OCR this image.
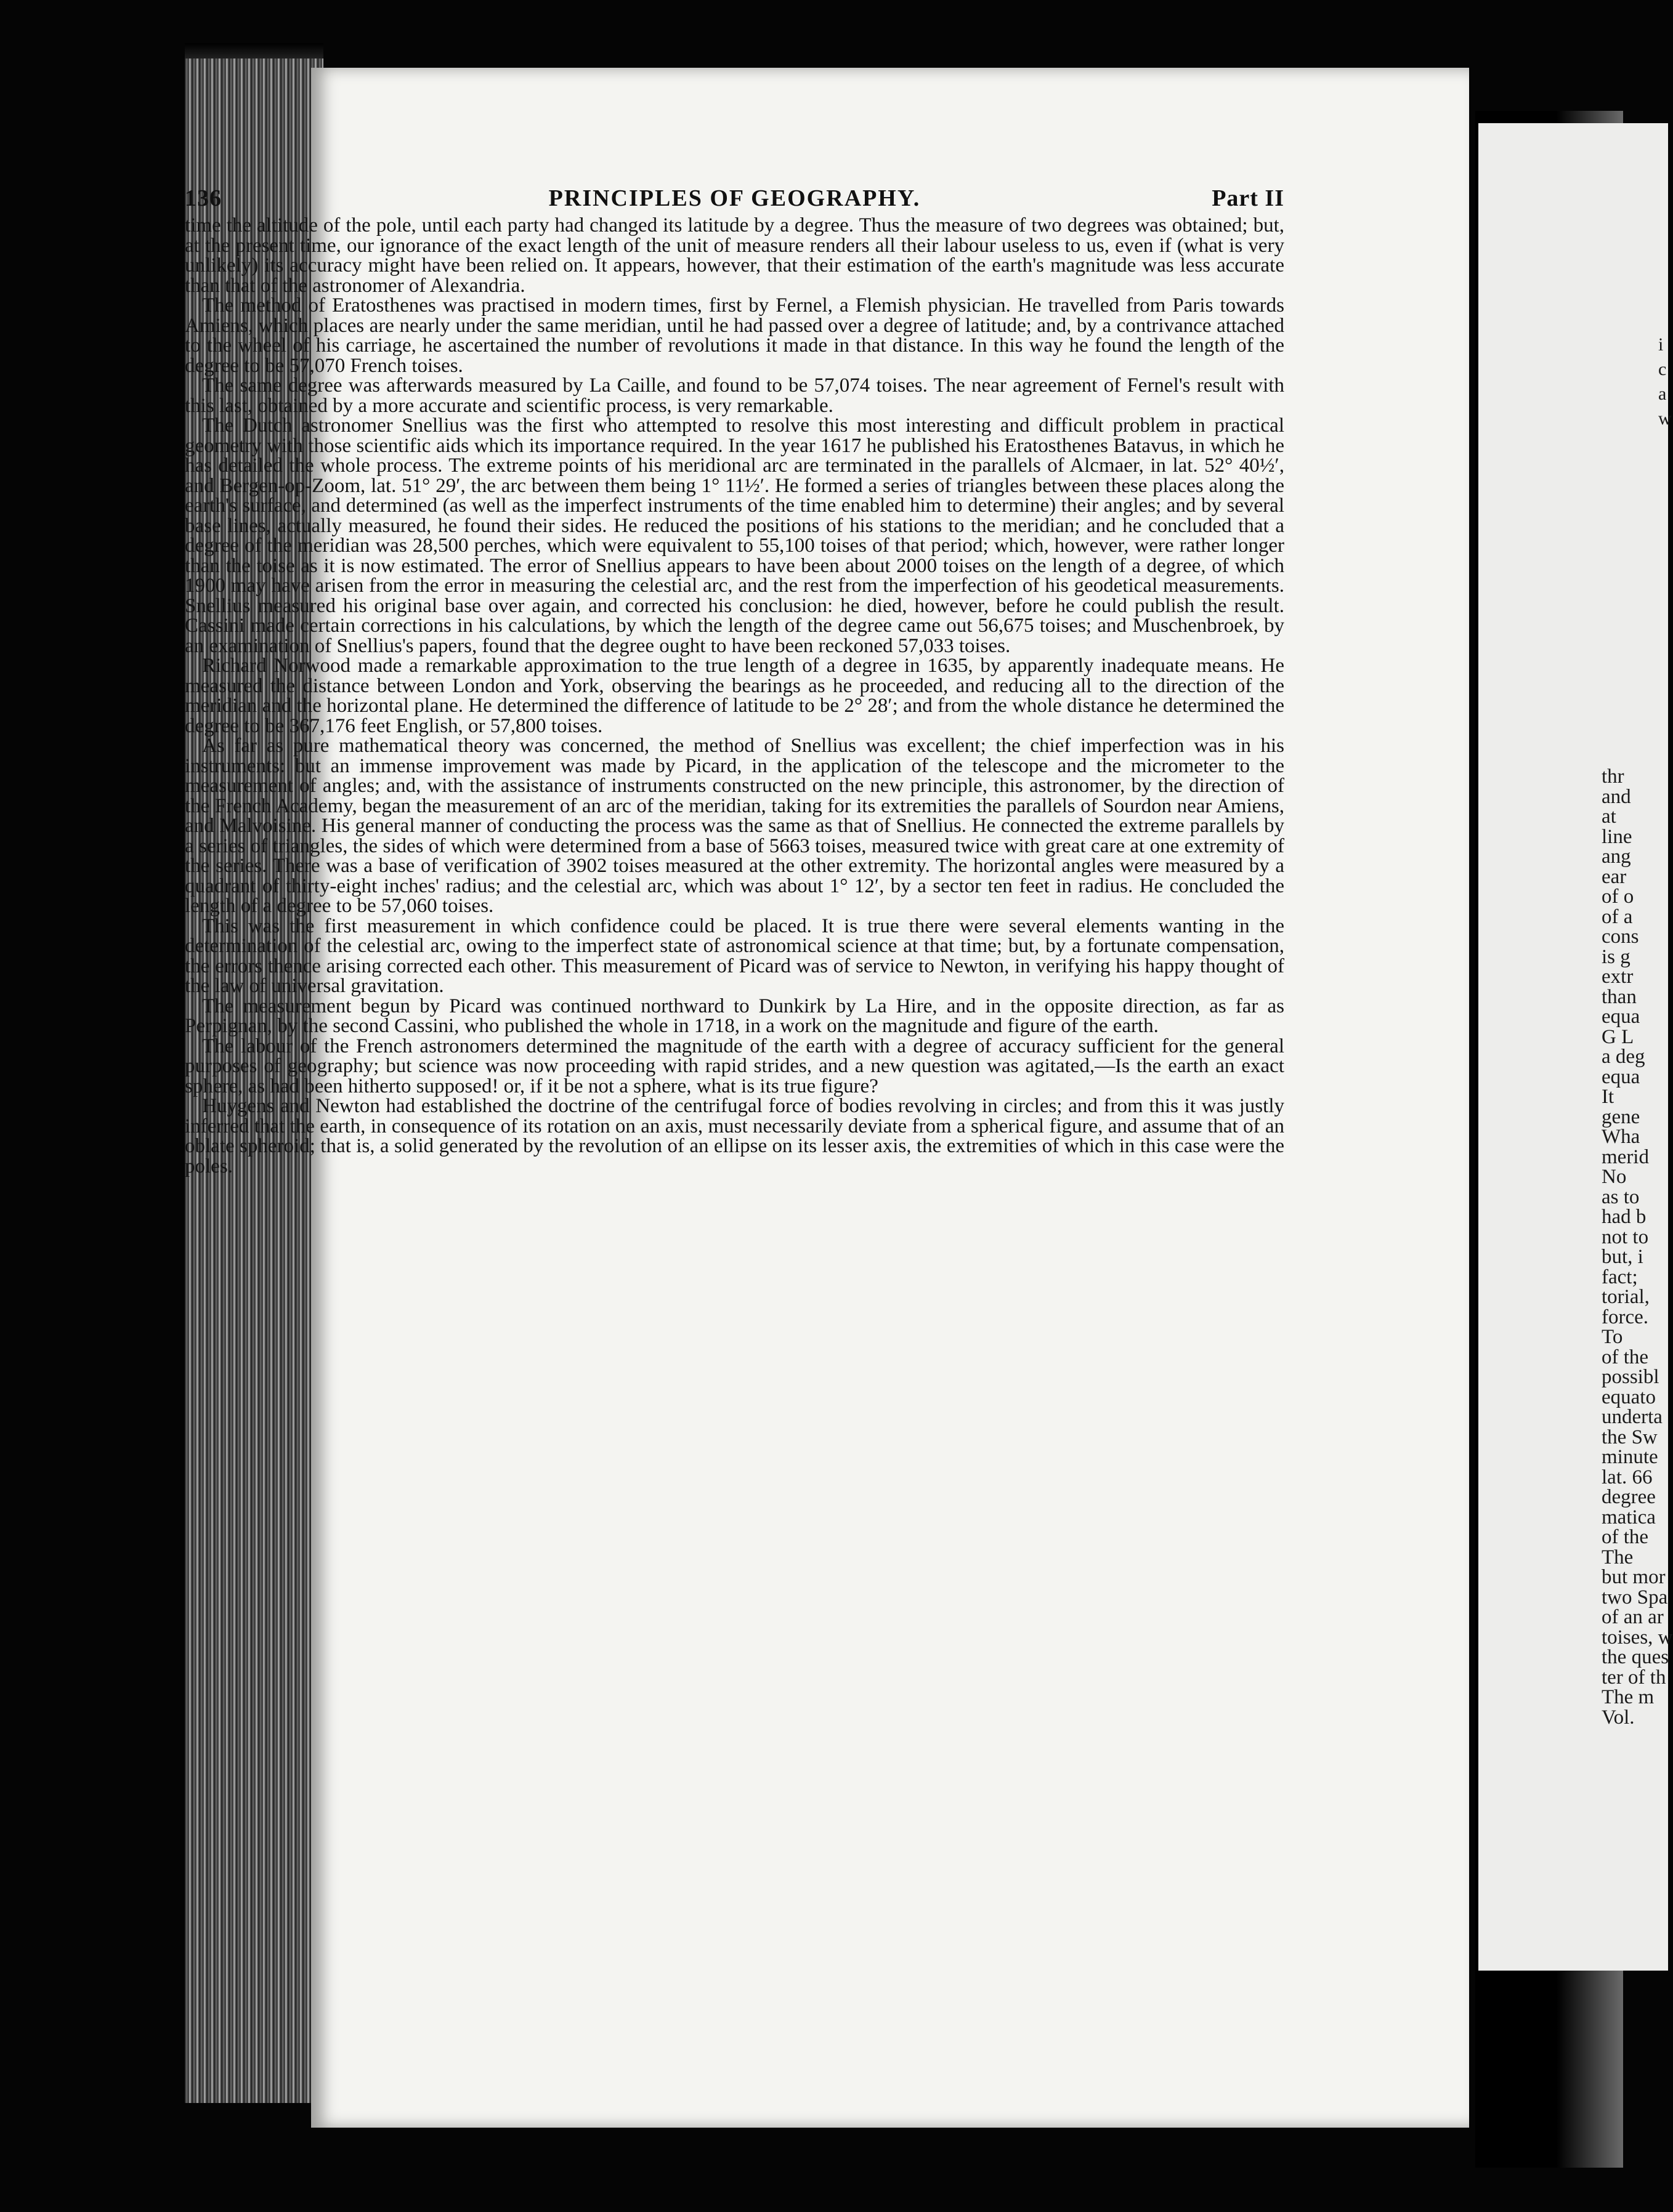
136	PRINCIPLES OF GEOGRAPHY.	Part II

time the altitude of the pole, until each party had changed its latitude by a degree. Thus the measure of two degrees was obtained; but, at the present time, our ignorance of the exact length of the unit of measure renders all their labour useless to us, even if (what is very unlikely) its accuracy might have been relied on. It appears, however, that their estimation of the earth's magnitude was less accurate than that of the astronomer of Alexandria.

The method of Eratosthenes was practised in modern times, first by Fernel, a Flemish physician. He travelled from Paris towards Amiens, which places are nearly under the same meridian, until he had passed over a degree of latitude; and, by a contrivance attached to the wheel of his carriage, he ascertained the number of revolutions it made in that distance. In this way he found the length of the degree to be 57,070 French toises.

The same degree was afterwards measured by La Caille, and found to be 57,074 toises. The near agreement of Fernel's result with this last, obtained by a more accurate and scientific process, is very remarkable.

The Dutch astronomer Snellius was the first who attempted to resolve this most interesting and difficult problem in practical geometry with those scientific aids which its importance required. In the year 1617 he published his Eratosthenes Batavus, in which he has detailed the whole process. The extreme points of his meridional arc are terminated in the parallels of Alcmaer, in lat. 52° 40½′, and Bergen-op-Zoom, lat. 51° 29′, the arc between them being 1° 11½′. He formed a series of triangles between these places along the earth's surface, and determined (as well as the imperfect instruments of the time enabled him to determine) their angles; and by several base lines, actually measured, he found their sides. He reduced the positions of his stations to the meridian; and he concluded that a degree of the meridian was 28,500 perches, which were equivalent to 55,100 toises of that period; which, however, were rather longer than the toise as it is now estimated. The error of Snellius appears to have been about 2000 toises on the length of a degree, of which 1900 may have arisen from the error in measuring the celestial arc, and the rest from the imperfection of his geodetical measurements. Snellius measured his original base over again, and corrected his conclusion: he died, however, before he could publish the result. Cassini made certain corrections in his calculations, by which the length of the degree came out 56,675 toises; and Muschenbroek, by an examination of Snellius's papers, found that the degree ought to have been reckoned 57,033 toises.

Richard Norwood made a remarkable approximation to the true length of a degree in 1635, by apparently inadequate means. He measured the distance between London and York, observing the bearings as he proceeded, and reducing all to the direction of the meridian and the horizontal plane. He determined the difference of latitude to be 2° 28′; and from the whole distance he determined the degree to be 367,176 feet English, or 57,800 toises.

As far as pure mathematical theory was concerned, the method of Snellius was excellent; the chief imperfection was in his instruments: but an immense improvement was made by Picard, in the application of the telescope and the micrometer to the measurement of angles; and, with the assistance of instruments constructed on the new principle, this astronomer, by the direction of the French Academy, began the measurement of an arc of the meridian, taking for its extremities the parallels of Sourdon near Amiens, and Malvoisine. His general manner of conducting the process was the same as that of Snellius. He connected the extreme parallels by a series of triangles, the sides of which were determined from a base of 5663 toises, measured twice with great care at one extremity of the series. There was a base of verification of 3902 toises measured at the other extremity. The horizontal angles were measured by a quadrant of thirty-eight inches' radius; and the celestial arc, which was about 1° 12′, by a sector ten feet in radius. He concluded the length of a degree to be 57,060 toises.

This was the first measurement in which confidence could be placed. It is true there were several elements wanting in the determination of the celestial arc, owing to the imperfect state of astronomical science at that time; but, by a fortunate compensation, the errors thence arising corrected each other. This measurement of Picard was of service to Newton, in verifying his happy thought of the law of universal gravitation.

The measurement begun by Picard was continued northward to Dunkirk by La Hire, and in the opposite direction, as far as Perpignan, by the second Cassini, who published the whole in 1718, in a work on the magnitude and figure of the earth.

The labour of the French astronomers determined the magnitude of the earth with a degree of accuracy sufficient for the general purposes of geography; but science was now proceeding with rapid strides, and a new question was agitated,—Is the earth an exact sphere, as had been hitherto supposed! or, if it be not a sphere, what is its true figure?

Huygens and Newton had established the doctrine of the centrifugal force of bodies revolving in circles; and from this it was justly inferred that the earth, in consequence of its rotation on an axis, must necessarily deviate from a spherical figure, and assume that of an oblate spheroid; that is, a solid generated by the revolution of an ellipse on its lesser axis, the extremities of which in this case were the poles.

i
c
a
w
thr
and
at
line
ang
ear
of o
of a
cons
is g
extr
than
equa
G L
a deg
equa
It
gene
Wha
merid
No
as to
had b
not to
but, i
fact;
torial,
force.
To
of the
possibl
equato
underta
the Sw
minute
lat. 66
degree
matica
of the
The
but mor
two Spa
of an ar
toises, w
the ques
ter of th
The m
Vol.
